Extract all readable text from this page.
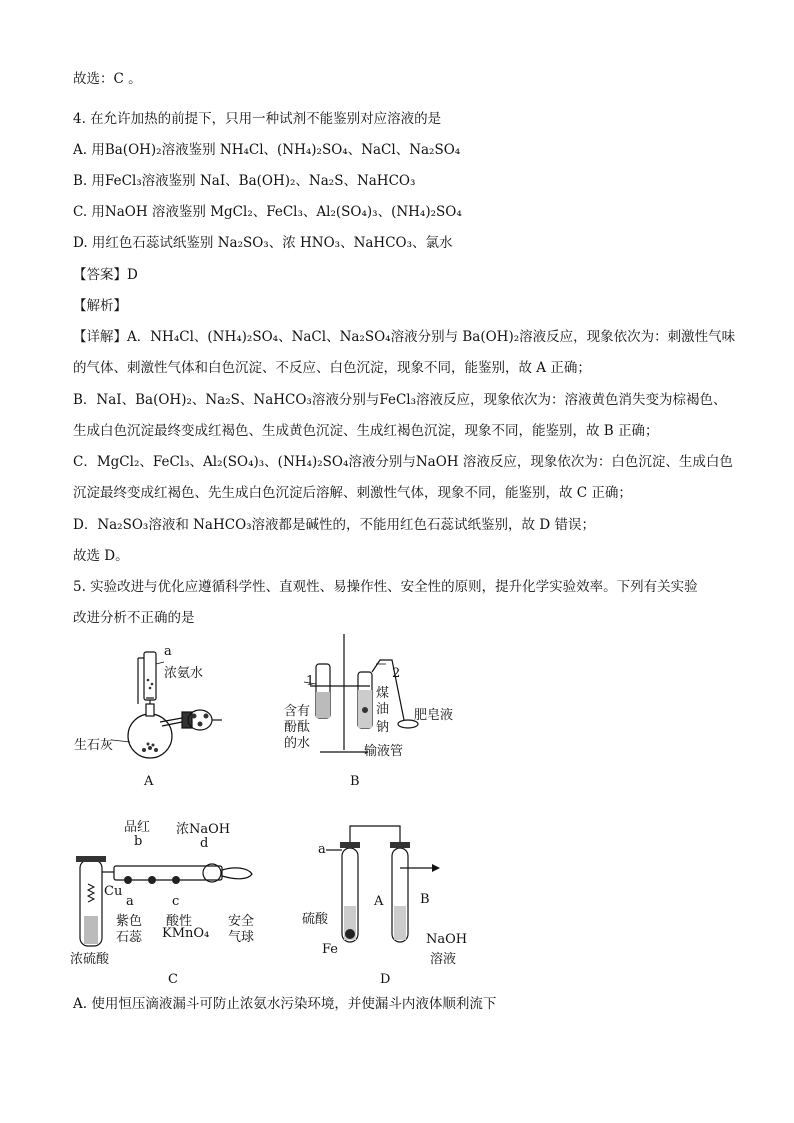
故选：C 。
4. 在允许加热的前提下，只用一种试剂不能鉴别对应溶液的是
A. 用Ba(OH)₂溶液鉴别 NH₄Cl、(NH₄)₂SO₄、NaCl、Na₂SO₄
B. 用FeCl₃溶液鉴别 NaI、Ba(OH)₂、Na₂S、NaHCO₃
C. 用NaOH 溶液鉴别 MgCl₂、FeCl₃、Al₂(SO₄)₃、(NH₄)₂SO₄
D. 用红色石蕊试纸鉴别 Na₂SO₃、浓 HNO₃、NaHCO₃、氯水
【答案】D
【解析】
【详解】A．NH₄Cl、(NH₄)₂SO₄、NaCl、Na₂SO₄溶液分别与 Ba(OH)₂溶液反应，现象依次为：刺激性气味
的气体、刺激性气体和白色沉淀、不反应、白色沉淀，现象不同，能鉴别，故 A 正确；
B．NaI、Ba(OH)₂、Na₂S、NaHCO₃溶液分别与FeCl₃溶液反应，现象依次为：溶液黄色消失变为棕褐色、
生成白色沉淀最终变成红褐色、生成黄色沉淀、生成红褐色沉淀，现象不同，能鉴别，故 B 正确；
C．MgCl₂、FeCl₃、Al₂(SO₄)₃、(NH₄)₂SO₄溶液分别与NaOH 溶液反应，现象依次为：白色沉淀、生成白色
沉淀最终变成红褐色、先生成白色沉淀后溶解、刺激性气体，现象不同，能鉴别，故 C 正确；
D．Na₂SO₃溶液和 NaHCO₃溶液都是碱性的，不能用红色石蕊试纸鉴别，故 D 错误；
故选 D。
5. 实验改进与优化应遵循科学性、直观性、易操作性、安全性的原则，提升化学实验效率。下列有关实验
改进分析不正确的是
a
浓氨水
生石灰
A
1
2
煤
油
钠
肥皂液
含有
酚酞
的水
输液管
B
品红
b
浓NaOH
d
Cu
a	c
紫色
石蕊
酸性
KMnO₄
安全
气球
浓硫酸
C
a
A	B
硫酸
Fe
NaOH
溶液
D
A. 使用恒压滴液漏斗可防止浓氨水污染环境，并使漏斗内液体顺利流下
